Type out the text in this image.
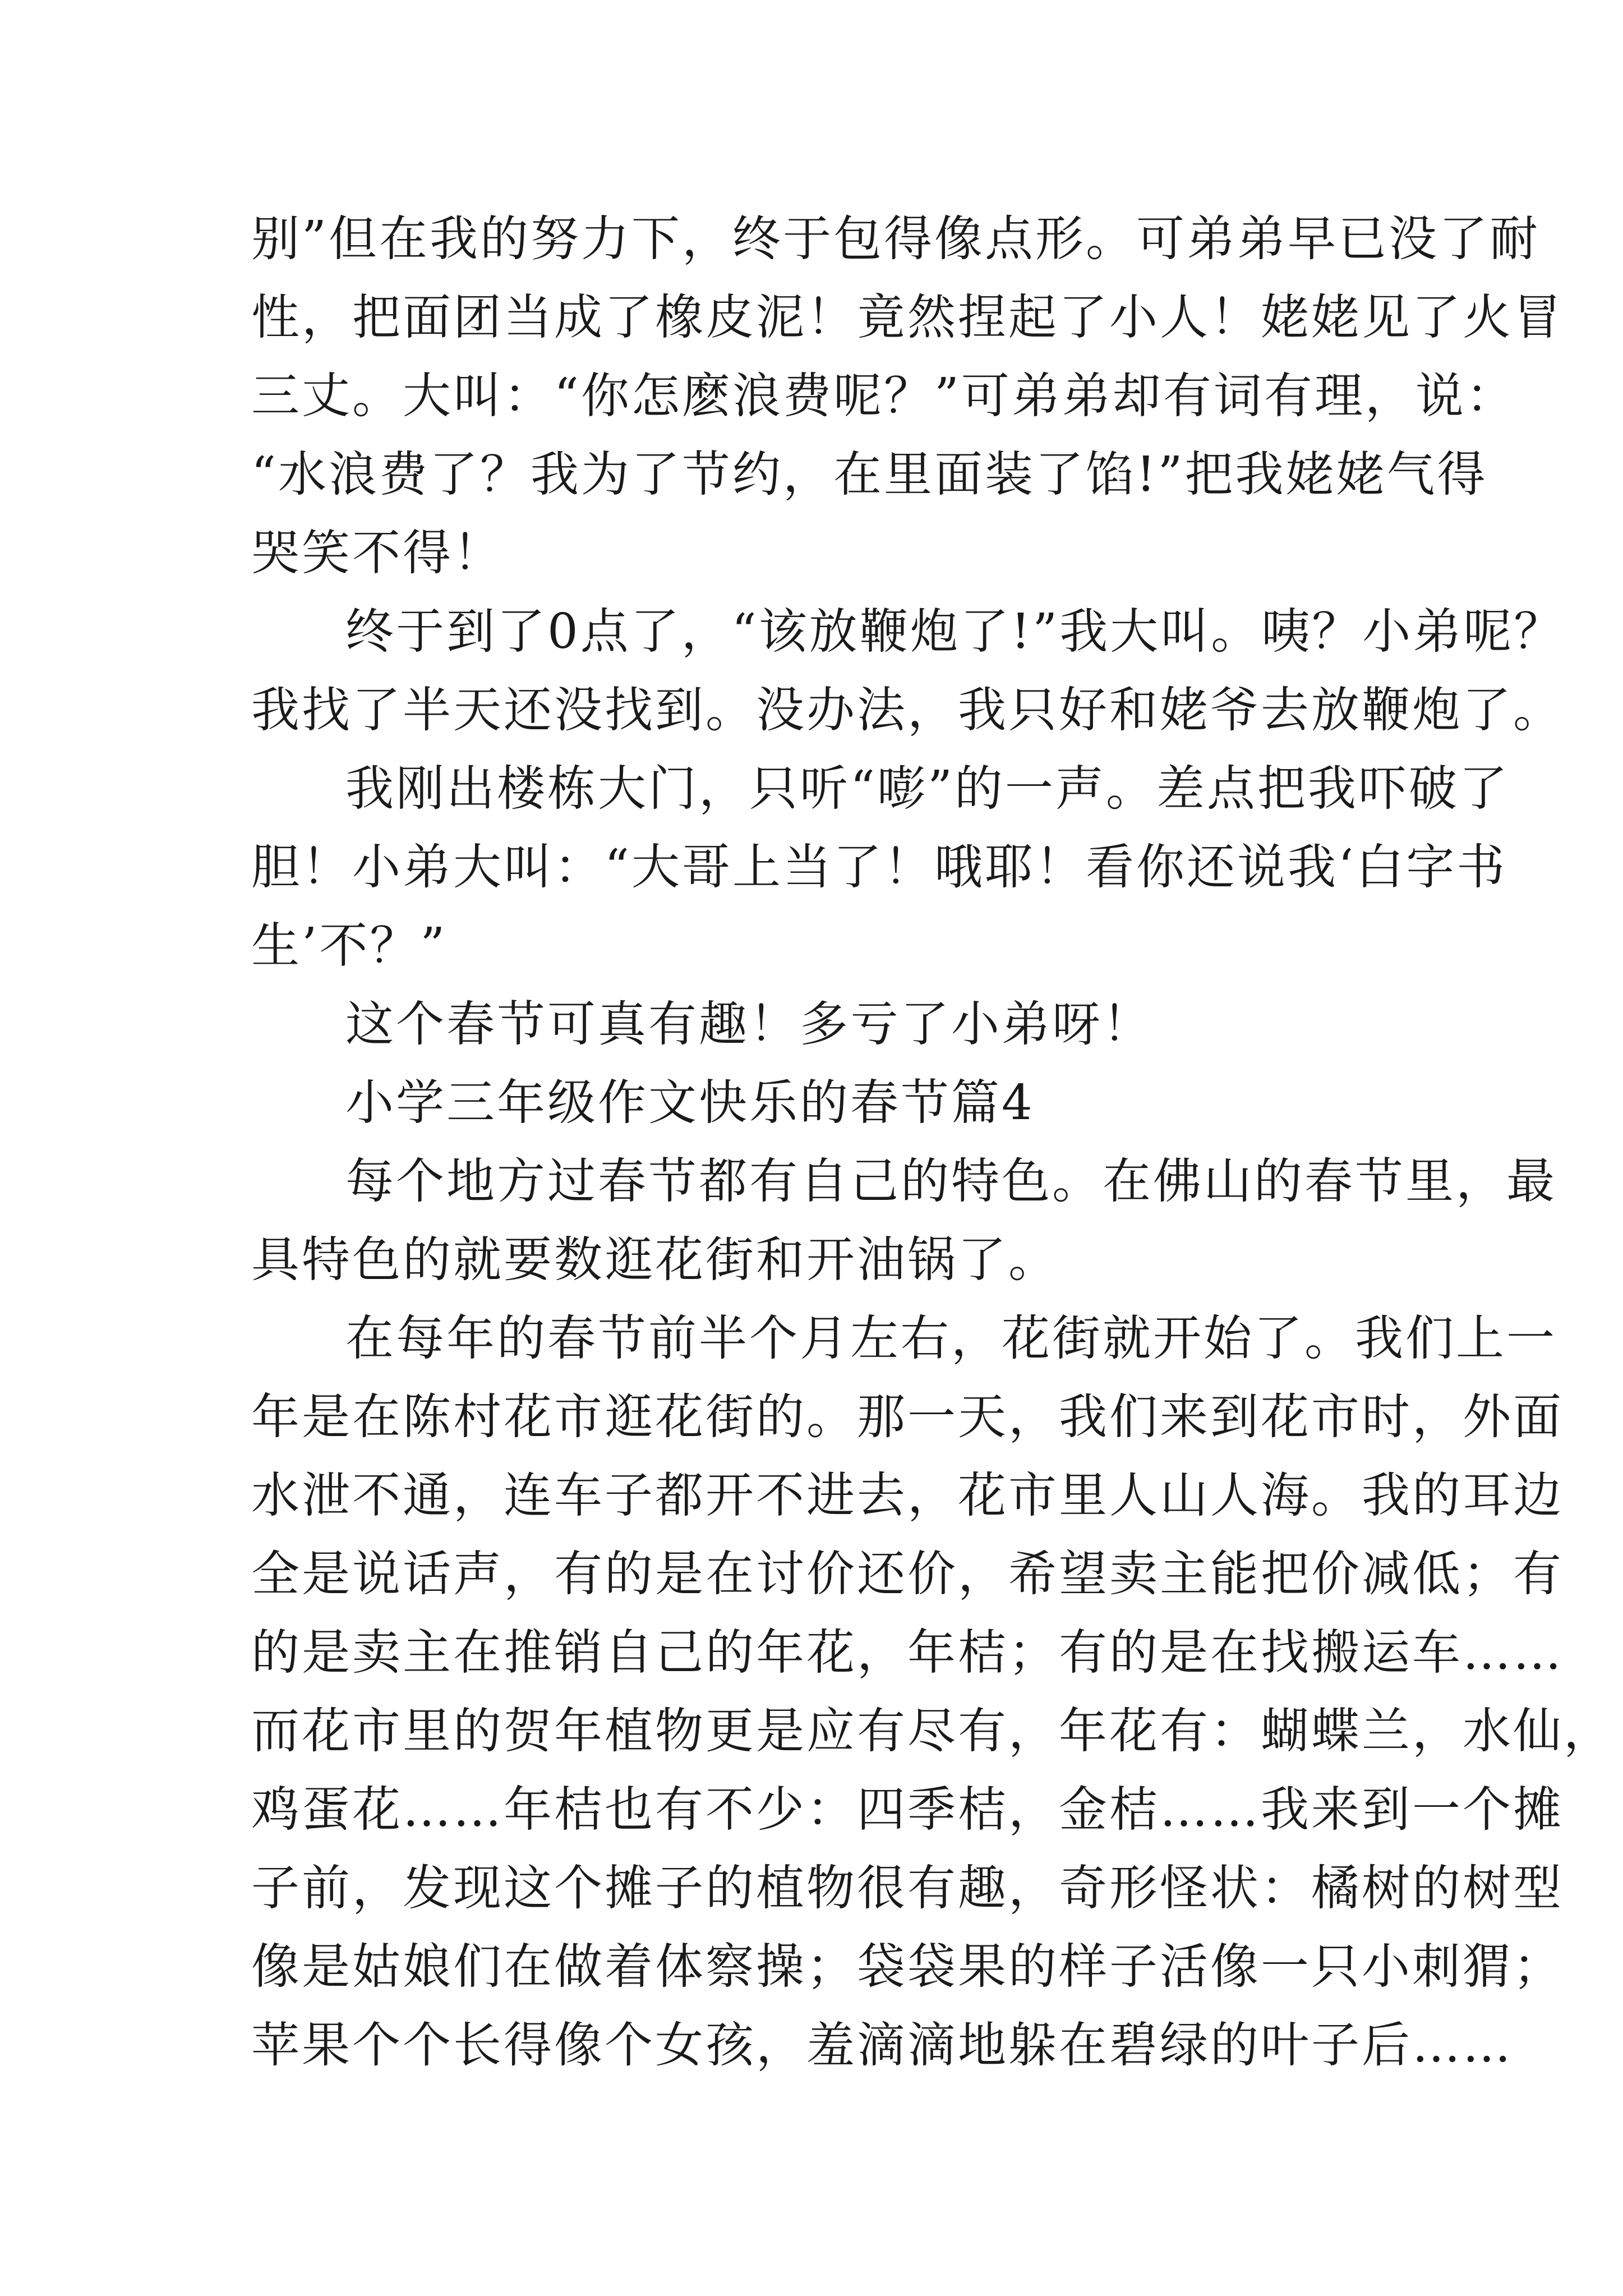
别”但在我的努力下，终于包得像点形。可弟弟早已没了耐
性，把面团当成了橡皮泥！竟然捏起了小人！姥姥见了火冒
三丈。大叫：“你怎麽浪费呢？”可弟弟却有词有理，说：
“水浪费了？我为了节约，在里面装了馅!”把我姥姥气得
哭笑不得！
终于到了0点了，“该放鞭炮了!”我大叫。咦？小弟呢？
我找了半天还没找到。没办法，我只好和姥爷去放鞭炮了。
我刚出楼栋大门，只听“嘭”的一声。差点把我吓破了
胆！小弟大叫：“大哥上当了！哦耶！看你还说我‘白字书
生’不？”
这个春节可真有趣！多亏了小弟呀！
小学三年级作文快乐的春节篇4
每个地方过春节都有自己的特色。在佛山的春节里，最
具特色的就要数逛花街和开油锅了。
在每年的春节前半个月左右，花街就开始了。我们上一
年是在陈村花市逛花街的。那一天，我们来到花市时，外面
水泄不通，连车子都开不进去，花市里人山人海。我的耳边
全是说话声，有的是在讨价还价，希望卖主能把价减低；有
的是卖主在推销自己的年花，年桔；有的是在找搬运车……
而花市里的贺年植物更是应有尽有，年花有：蝴蝶兰，水仙，
鸡蛋花……年桔也有不少：四季桔，金桔……我来到一个摊
子前，发现这个摊子的植物很有趣，奇形怪状：橘树的树型
像是姑娘们在做着体察操；袋袋果的样子活像一只小刺猬；
苹果个个长得像个女孩，羞滴滴地躲在碧绿的叶子后……
